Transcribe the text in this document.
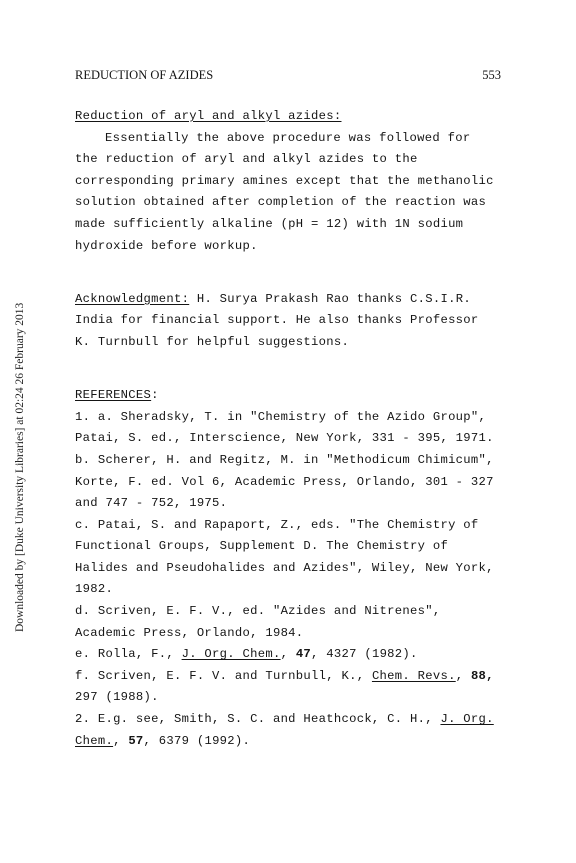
REDUCTION OF AZIDES	553
Downloaded by [Duke University Libraries] at 02:24 26 February 2013
Reduction of aryl and alkyl azides:
Essentially the above procedure was followed for
the reduction of aryl and alkyl azides to the
corresponding primary amines except that the methanolic
solution obtained after completion of the reaction was
made sufficiently alkaline (pH = 12) with 1N sodium
hydroxide before workup.
Acknowledgment: H. Surya Prakash Rao thanks C.S.I.R.
India for financial support. He also thanks Professor
K. Turnbull for helpful suggestions.
REFERENCES:
1. a. Sheradsky, T. in "Chemistry of the Azido Group",
Patai, S. ed., Interscience, New York, 331 - 395, 1971.
b. Scherer, H. and Regitz, M. in "Methodicum Chimicum",
Korte, F. ed. Vol 6, Academic Press, Orlando, 301 - 327
and 747 - 752, 1975.
c. Patai, S. and Rapaport, Z., eds. "The Chemistry of
Functional Groups, Supplement D. The Chemistry of
Halides and Pseudohalides and Azides", Wiley, New York,
1982.
d. Scriven, E. F. V., ed. "Azides and Nitrenes",
Academic Press, Orlando, 1984.
e. Rolla, F., J. Org. Chem., 47, 4327 (1982).
f. Scriven, E. F. V. and Turnbull, K., Chem. Revs., 88,
297 (1988).
2. E.g. see, Smith, S. C. and Heathcock, C. H., J. Org.
Chem., 57, 6379 (1992).
